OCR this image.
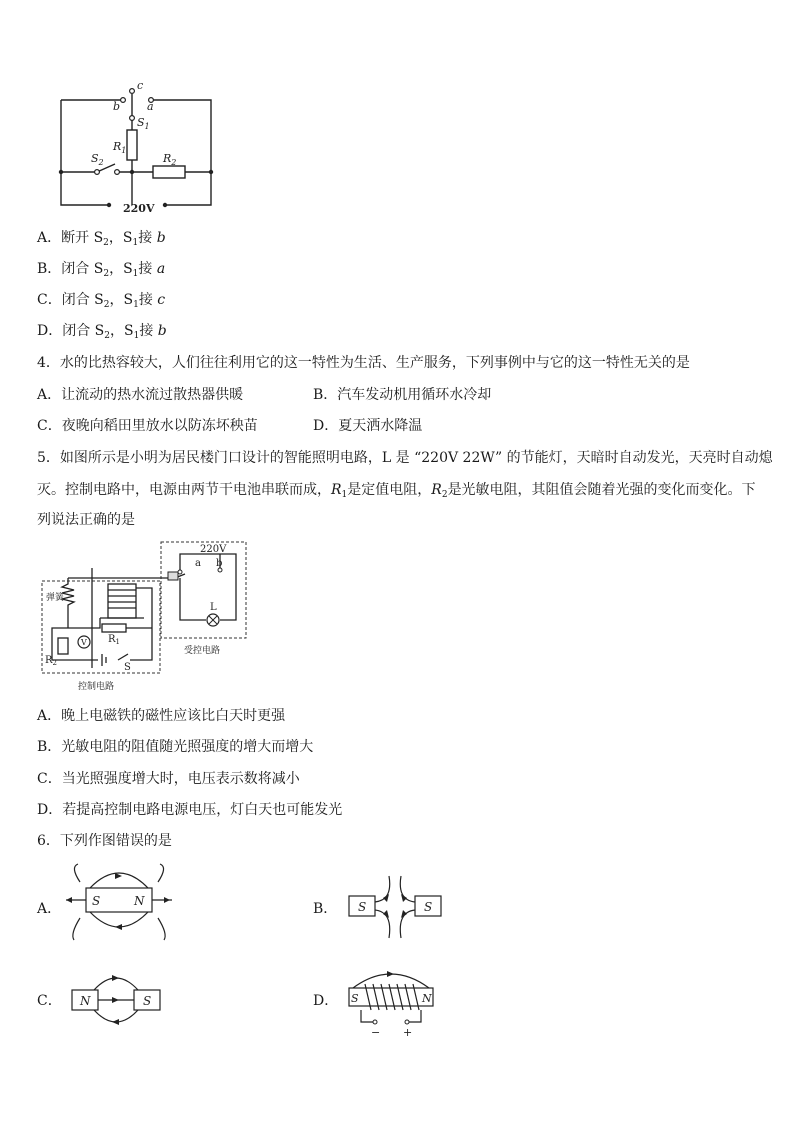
c
b a
$S_1$
$R_1$
$S_2$	$R_2$
220V
A．断开 $S_2$，$S_1$接 b
B．闭合 $S_2$，$S_1$接 a
C．闭合 $S_2$，$S_1$接 c
D．闭合 $S_2$，$S_1$接 b
4．水的比热容较大，人们往往利用它的这一特性为生活、生产服务，下列事例中与它的这一特性无关的是
A．让流动的热水流过散热器供暖	B．汽车发动机用循环水冷却
C．夜晚向稻田里放水以防冻坏秧苗	D．夏天洒水降温
5．如图所示是小明为居民楼门口设计的智能照明电路，L 是 “220V 22W” 的节能灯，天暗时自动发光，天亮时自动熄
灭。控制电路中，电源由两节干电池串联而成，$R_1$是定值电阻，$R_2$是光敏电阻，其阻值会随着光强的变化而变化。下
列说法正确的是
220V
a b
L
弹簧
V $R_1$
$R_2$	S
受控电路
控制电路
A．晚上电磁铁的磁性应该比白天时更强
B．光敏电阻的阻值随光照强度的增大而增大
C．当光照强度增大时，电压表示数将减小
D．若提高控制电路电源电压，灯白天也可能发光
6．下列作图错误的是
A．	S	N	B． S	S
C． N	S	D． S	N
− +
